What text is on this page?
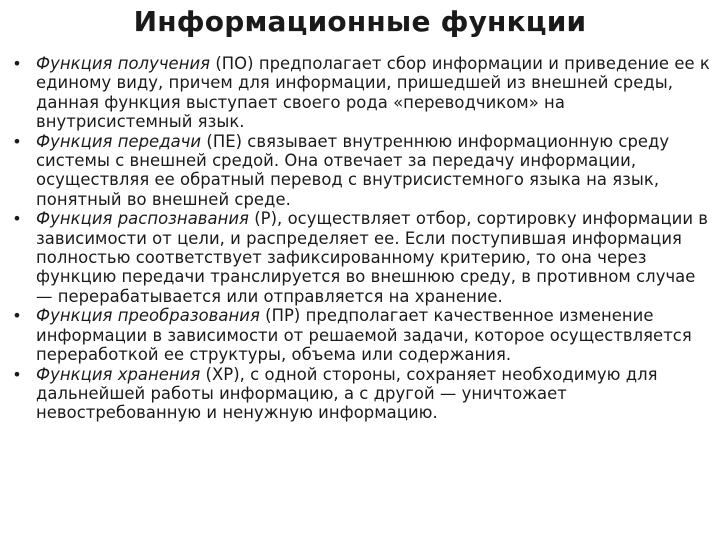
Информационные функции
• Функция получения (ПО) предполагает сбор информации и приведение ее к единому виду, причем для информации, пришедшей из внешней среды, данная функция выступает своего рода «переводчиком» на внутрисистемный язык.
• Функция передачи (ПЕ) связывает внутреннюю информационную среду системы с внешней средой. Она отвечает за передачу информации, осуществляя ее обратный перевод с внутрисистемного языка на язык, понятный во внешней среде.
• Функция распознавания (Р), осуществляет отбор, сортировку информации в зависимости от цели, и распределяет ее. Если поступившая информация полностью соответствует зафиксированному критерию, то она через функцию передачи транслируется во внешнюю среду, в противном случае — перерабатывается или отправляется на хранение.
• Функция преобразования (ПР) предполагает качественное изменение информации в зависимости от решаемой задачи, которое осуществляется переработкой ее структуры, объема или содержания.
• Функция хранения (ХР), с одной стороны, сохраняет необходимую для дальнейшей работы информацию, а с другой — уничтожает невостребованную и ненужную информацию.
